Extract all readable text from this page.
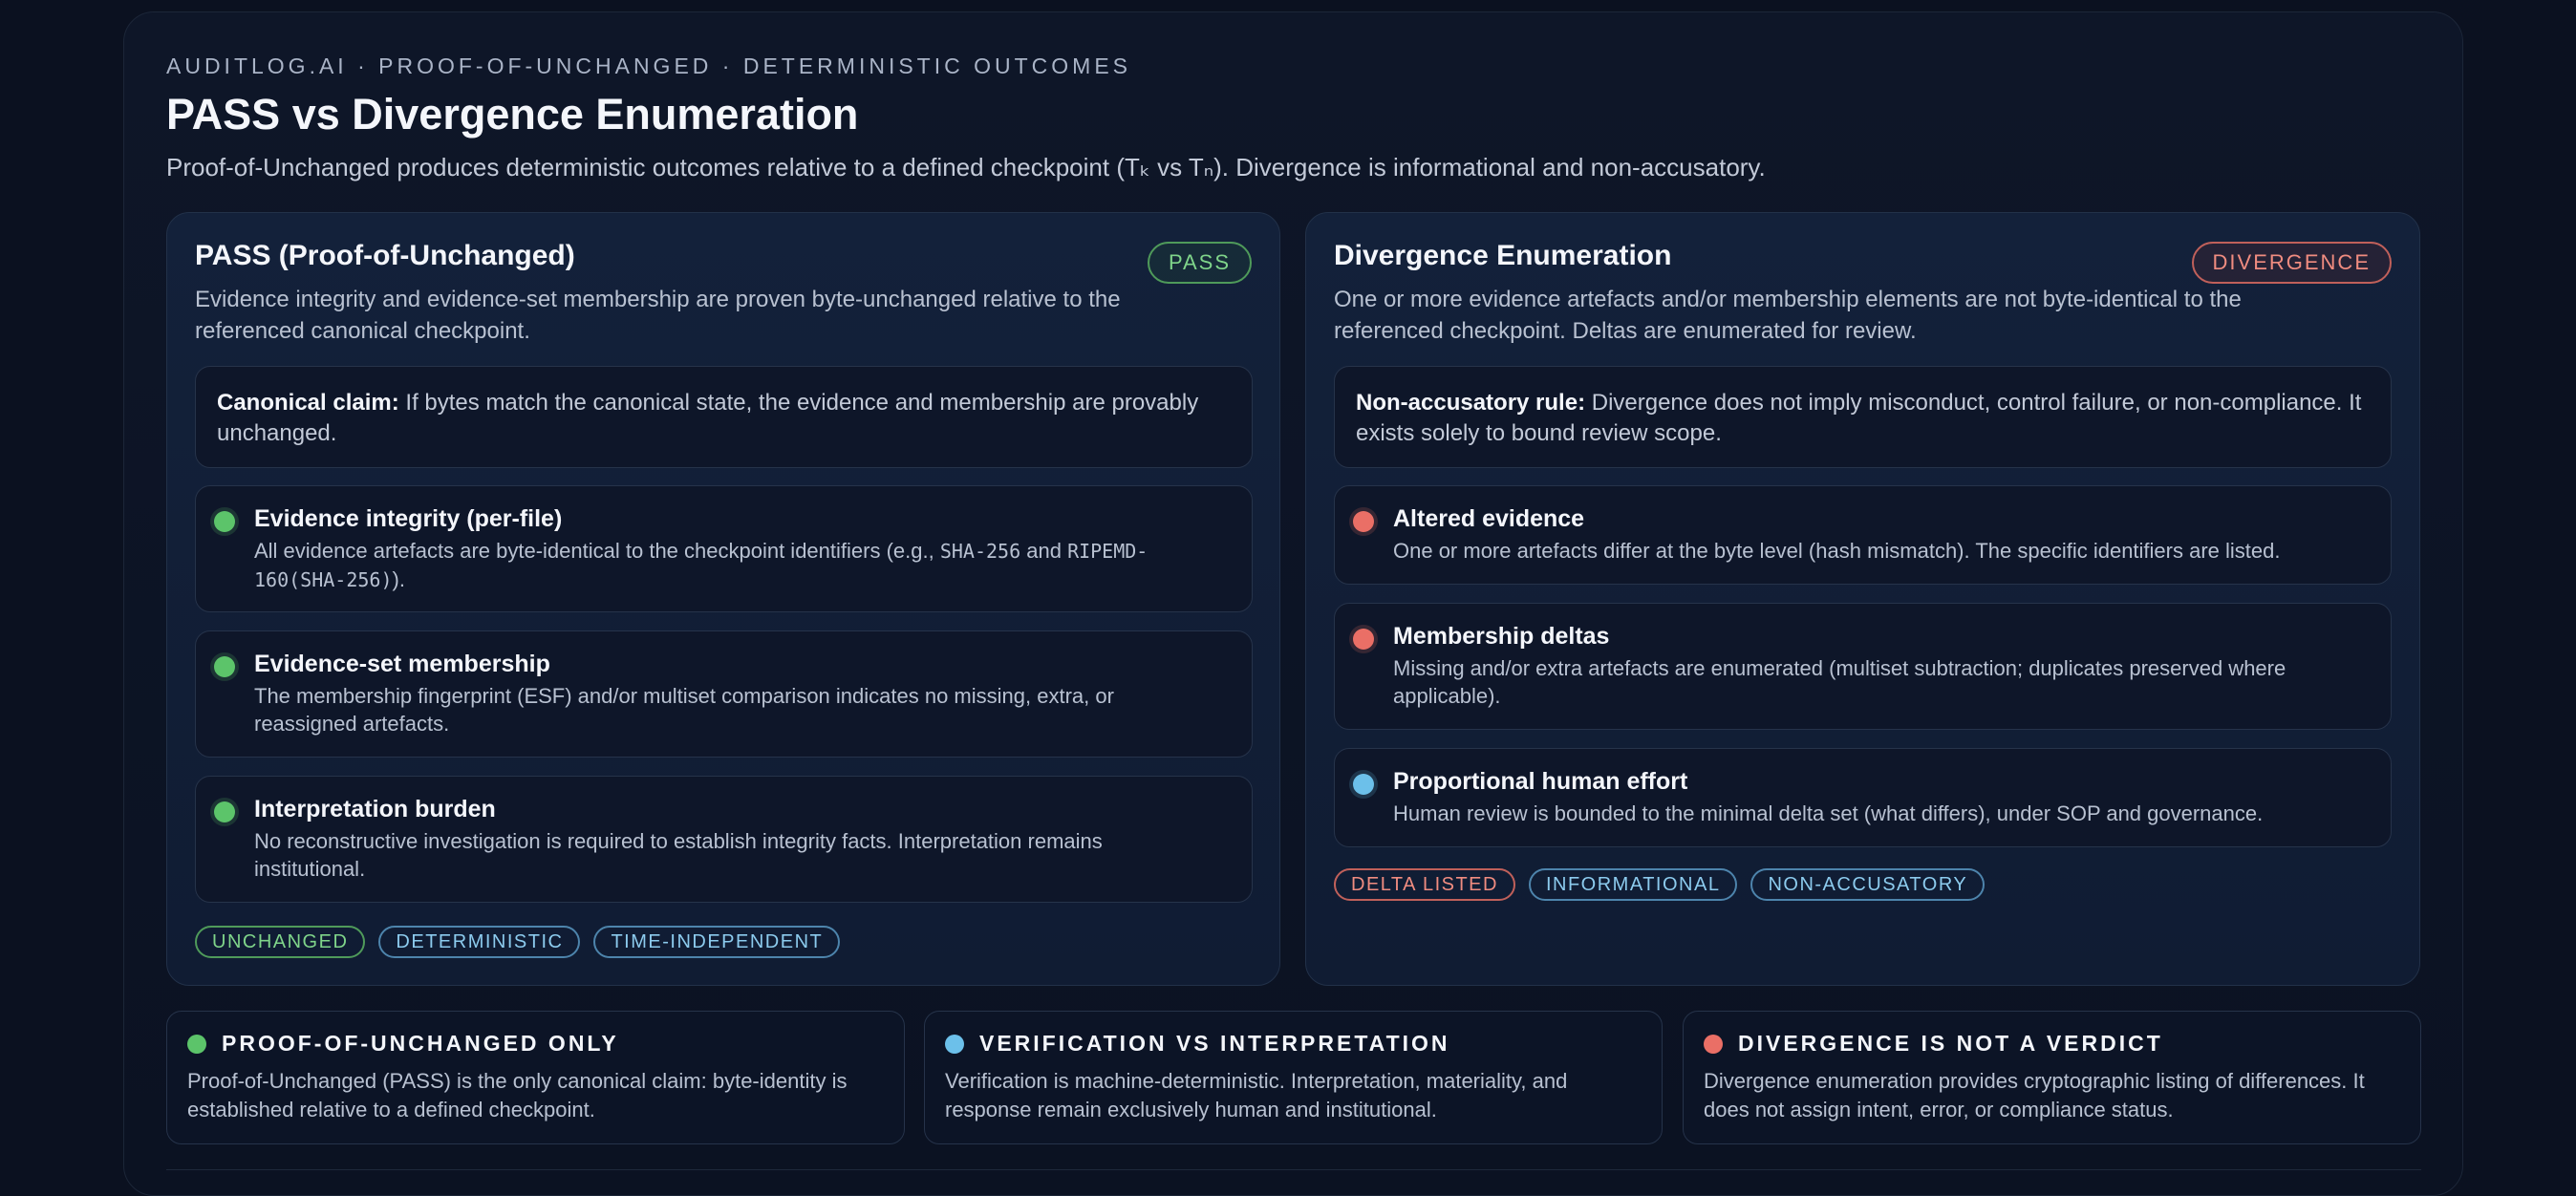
AUDITLOG.AI · PROOF-OF-UNCHANGED · DETERMINISTIC OUTCOMES
PASS vs Divergence Enumeration
Proof-of-Unchanged produces deterministic outcomes relative to a defined checkpoint (Tₖ vs Tₙ). Divergence is informational and non-accusatory.
PASS (Proof-of-Unchanged)	PASS
Evidence integrity and evidence-set membership are proven byte-unchanged relative to the referenced canonical checkpoint.
Canonical claim: If bytes match the canonical state, the evidence and membership are provably unchanged.
Evidence integrity (per-file)
All evidence artefacts are byte-identical to the checkpoint identifiers (e.g., SHA-256 and RIPEMD-160(SHA-256)).
Evidence-set membership
The membership fingerprint (ESF) and/or multiset comparison indicates no missing, extra, or reassigned artefacts.
Interpretation burden
No reconstructive investigation is required to establish integrity facts. Interpretation remains institutional.
UNCHANGED	DETERMINISTIC	TIME-INDEPENDENT
Divergence Enumeration	DIVERGENCE
One or more evidence artefacts and/or membership elements are not byte-identical to the referenced checkpoint. Deltas are enumerated for review.
Non-accusatory rule: Divergence does not imply misconduct, control failure, or non-compliance. It exists solely to bound review scope.
Altered evidence
One or more artefacts differ at the byte level (hash mismatch). The specific identifiers are listed.
Membership deltas
Missing and/or extra artefacts are enumerated (multiset subtraction; duplicates preserved where applicable).
Proportional human effort
Human review is bounded to the minimal delta set (what differs), under SOP and governance.
DELTA LISTED	INFORMATIONAL	NON-ACCUSATORY
PROOF-OF-UNCHANGED ONLY
Proof-of-Unchanged (PASS) is the only canonical claim: byte-identity is established relative to a defined checkpoint.
VERIFICATION VS INTERPRETATION
Verification is machine-deterministic. Interpretation, materiality, and response remain exclusively human and institutional.
DIVERGENCE IS NOT A VERDICT
Divergence enumeration provides cryptographic listing of differences. It does not assign intent, error, or compliance status.
